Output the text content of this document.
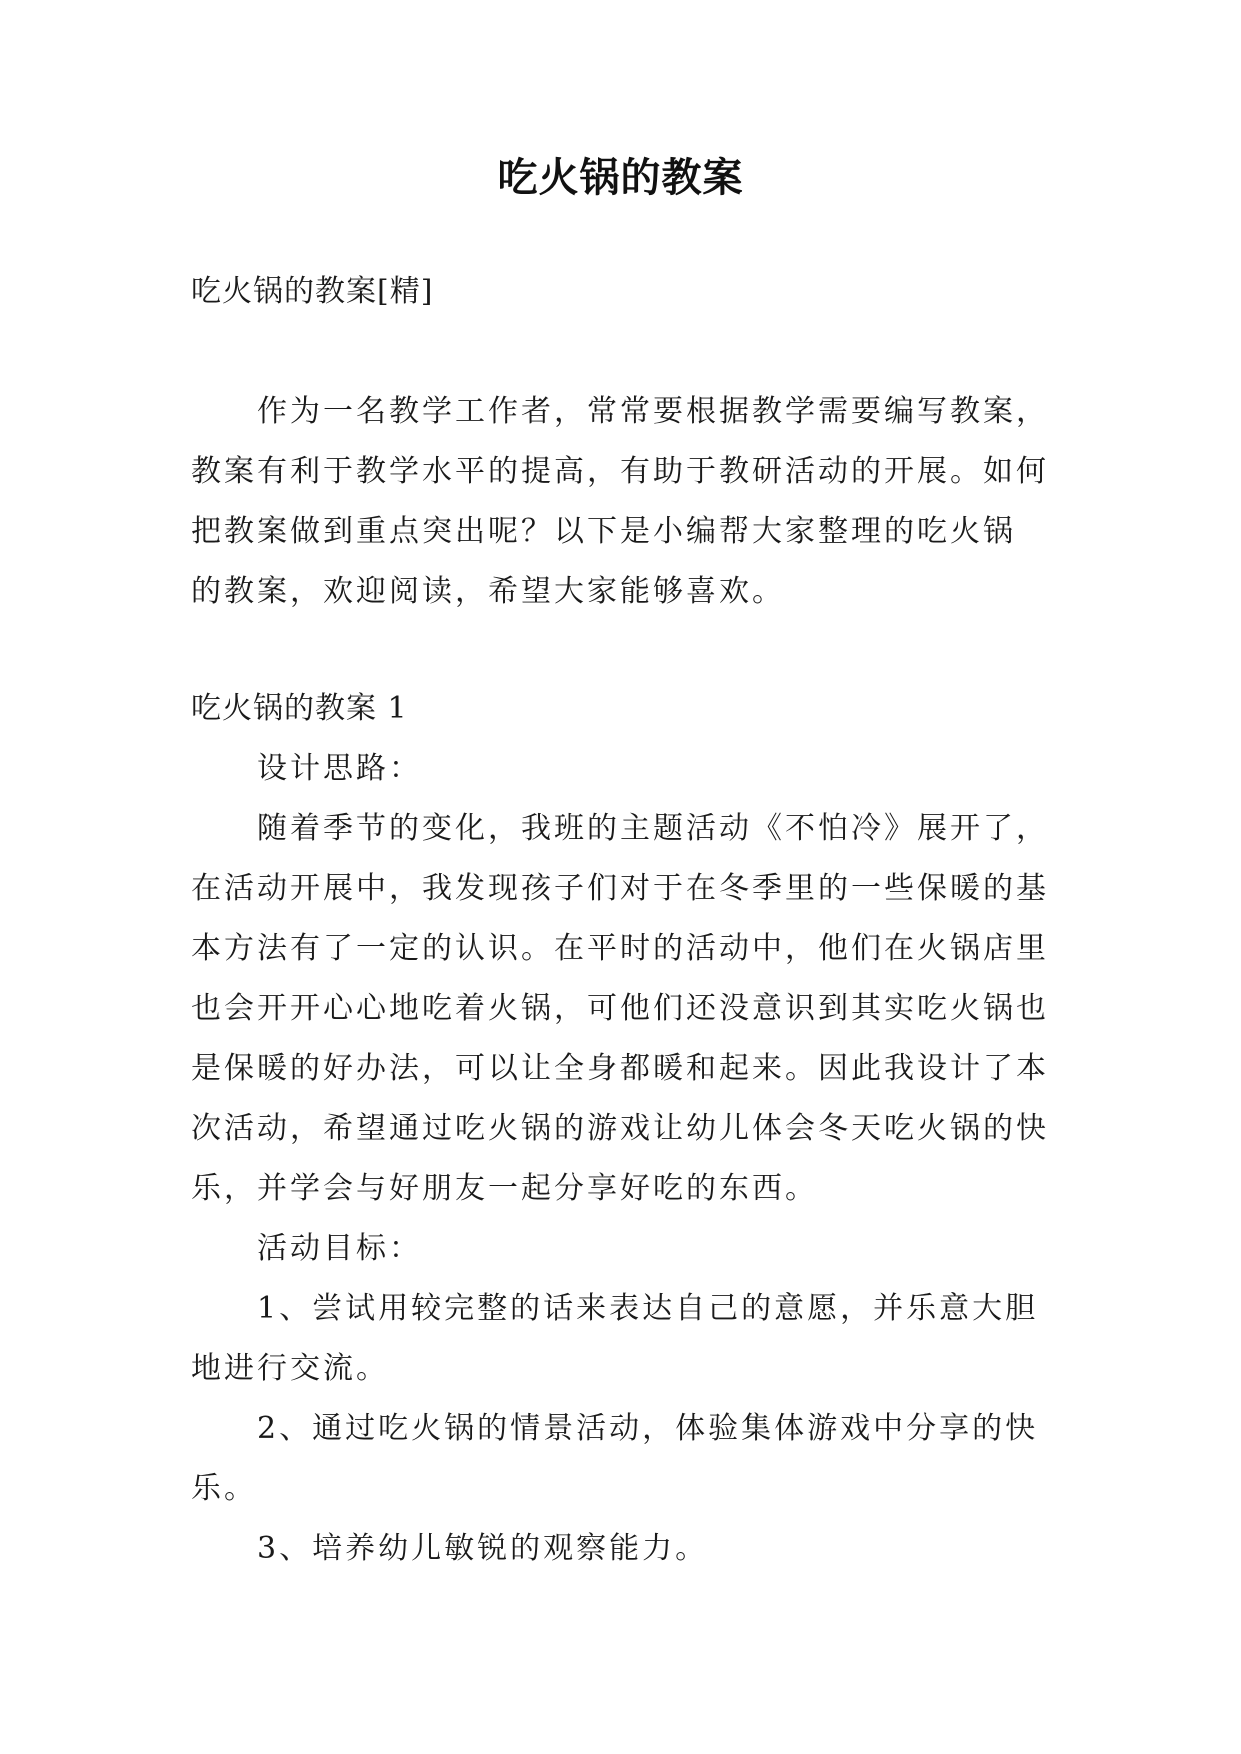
吃火锅的教案
吃火锅的教案[精]
　　作为一名教学工作者，常常要根据教学需要编写教案，
教案有利于教学水平的提高，有助于教研活动的开展。如何
把教案做到重点突出呢？以下是小编帮大家整理的吃火锅
的教案，欢迎阅读，希望大家能够喜欢。
吃火锅的教案 1
　　设计思路：
　　随着季节的变化，我班的主题活动《不怕冷》展开了，
在活动开展中，我发现孩子们对于在冬季里的一些保暖的基
本方法有了一定的认识。在平时的活动中，他们在火锅店里
也会开开心心地吃着火锅，可他们还没意识到其实吃火锅也
是保暖的好办法，可以让全身都暖和起来。因此我设计了本
次活动，希望通过吃火锅的游戏让幼儿体会冬天吃火锅的快
乐，并学会与好朋友一起分享好吃的东西。
　　活动目标：
　　1、尝试用较完整的话来表达自己的意愿，并乐意大胆
地进行交流。
　　2、通过吃火锅的情景活动，体验集体游戏中分享的快
乐。
　　3、培养幼儿敏锐的观察能力。
